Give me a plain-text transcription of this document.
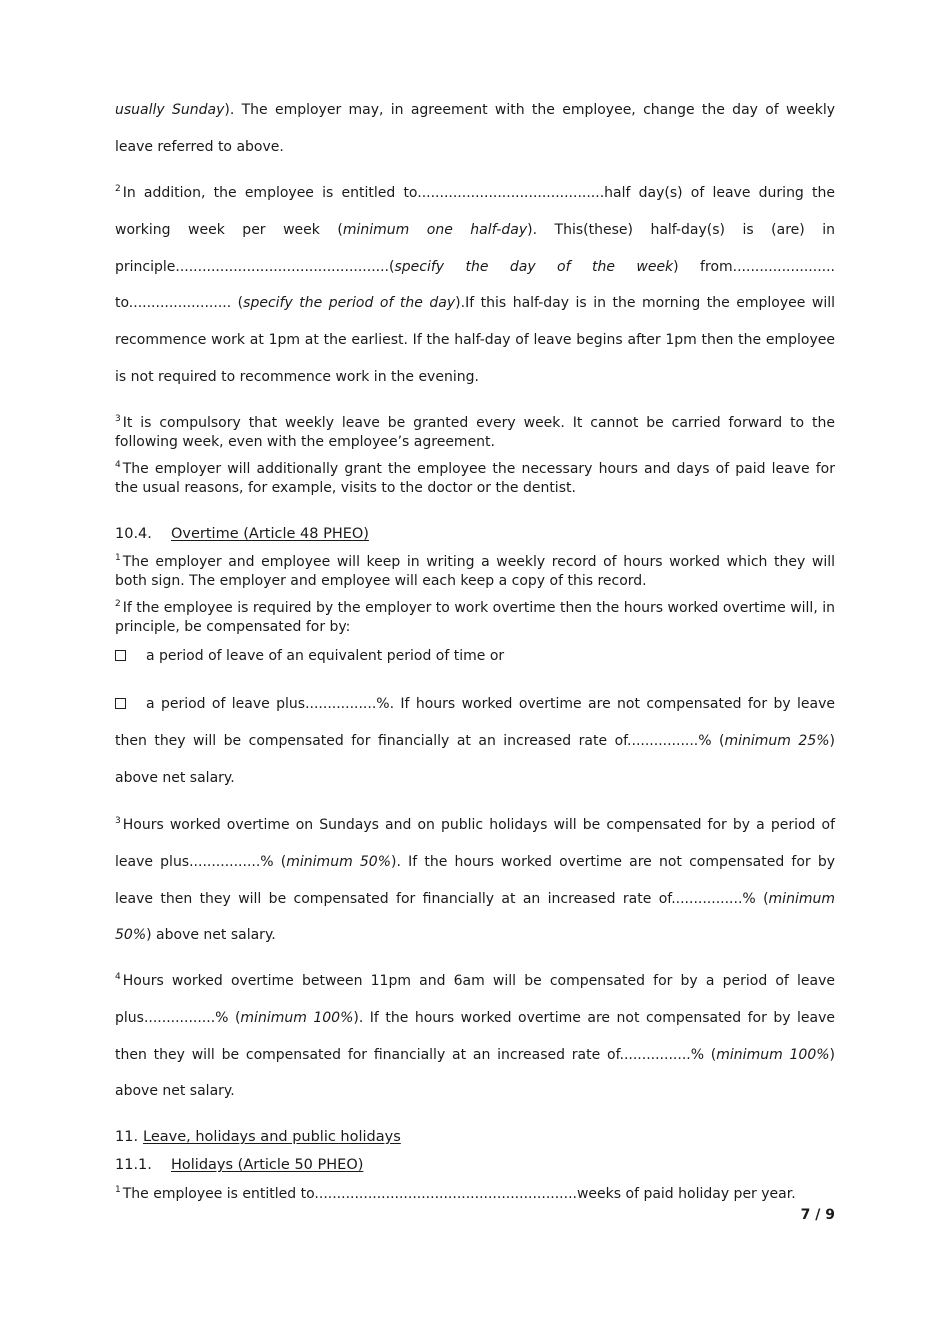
usually Sunday). The employer may, in agreement with the employee, change the day of weekly leave referred to above.

$^2$ In addition, the employee is entitled to..........................................half day(s) of leave during the working week per week (minimum one half-day). This(these) half-day(s) is (are) in principle................................................(specify the day of the week) from....................... to....................... (specify the period of the day).If this half-day is in the morning the employee will recommence work at 1pm at the earliest. If the half-day of leave begins after 1pm then the employee is not required to recommence work in the evening.

$^3$ It is compulsory that weekly leave be granted every week. It cannot be carried forward to the following week, even with the employee’s agreement.

$^4$ The employer will additionally grant the employee the necessary hours and days of paid leave for the usual reasons, for example, visits to the doctor or the dentist.

10.4. Overtime (Article 48 PHEO)

$^1$ The employer and employee will keep in writing a weekly record of hours worked which they will both sign. The employer and employee will each keep a copy of this record.

$^2$ If the employee is required by the employer to work overtime then the hours worked overtime will, in principle, be compensated for by:

a period of leave of an equivalent period of time or

a period of leave plus................%. If hours worked overtime are not compensated for by leave then they will be compensated for financially at an increased rate of................% (minimum 25%) above net salary.

$^3$ Hours worked overtime on Sundays and on public holidays will be compensated for by a period of leave plus................% (minimum 50%). If the hours worked overtime are not compensated for by leave then they will be compensated for financially at an increased rate of................% (minimum 50%) above net salary.

$^4$ Hours worked overtime between 11pm and 6am will be compensated for by a period of leave plus................% (minimum 100%). If the hours worked overtime are not compensated for by leave then they will be compensated for financially at an increased rate of................% (minimum 100%) above net salary.

11. Leave, holidays and public holidays
11.1. Holidays (Article 50 PHEO)

$^1$ The employee is entitled to...........................................................weeks of paid holiday per year.

7 / 9
